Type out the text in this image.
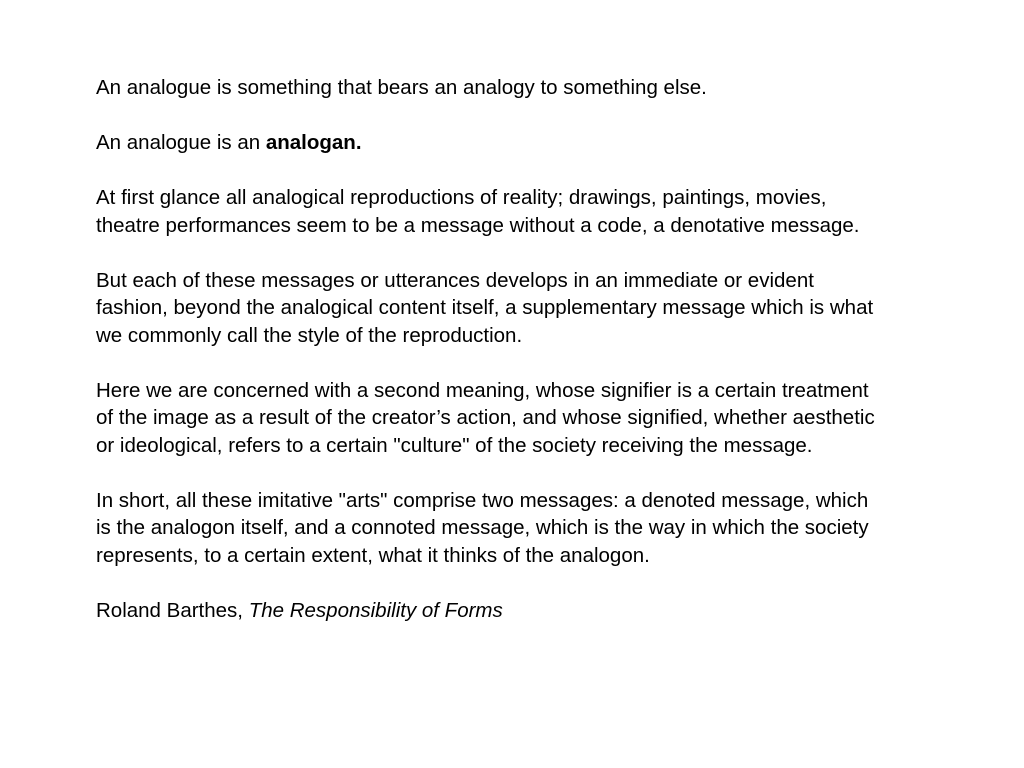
An analogue is something that bears an analogy to something else.

An analogue is an analogan.

At first glance all analogical reproductions of reality; drawings, paintings, movies,
theatre performances seem to be a message without a code, a denotative message.

But each of these messages or utterances develops in an immediate or evident
fashion, beyond the analogical content itself, a supplementary message which is what
we commonly call the style of the reproduction.

Here we are concerned with a second meaning, whose signifier is a certain treatment
of the image as a result of the creator’s action, and whose signified, whether aesthetic
or ideological, refers to a certain "culture" of the society receiving the message.

In short, all these imitative "arts" comprise two messages: a denoted message, which
is the analogon itself, and a connoted message, which is the way in which the society
represents, to a certain extent, what it thinks of the analogon.

Roland Barthes, The Responsibility of Forms
